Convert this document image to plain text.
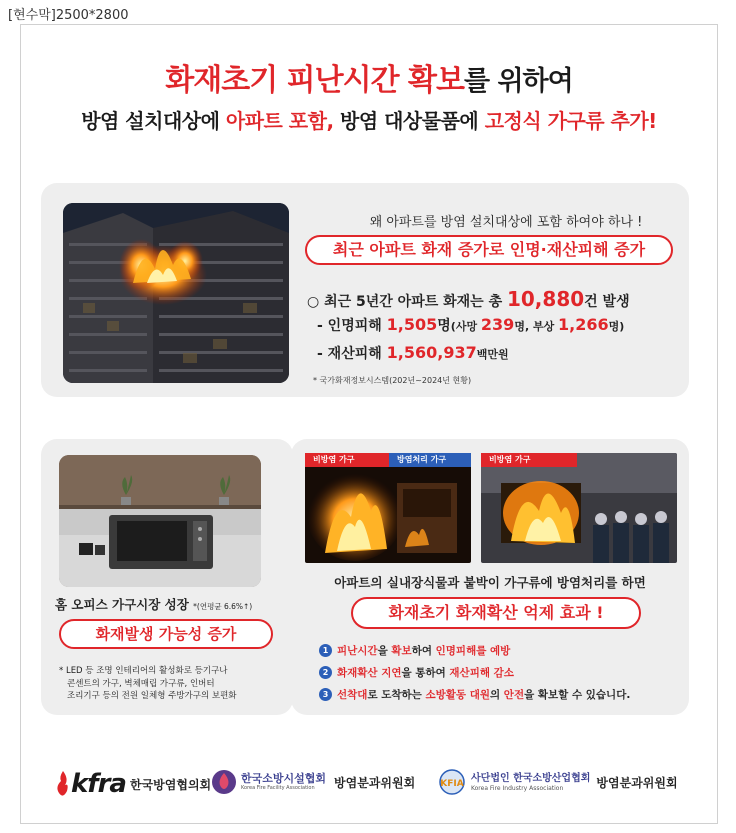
[현수막]2500*2800
화재초기 피난시간 확보를 위하여
방염 설치대상에 아파트 포함, 방염 대상물품에 고정식 가구류 추가!
왜 아파트를 방염 설치대상에 포함 하여야 하나 !
최근 아파트 화재 증가로 인명·재산피해 증가
○ 최근 5년간 아파트 화재는 총 10,880건 발생
- 인명피해 1,505명(사망 239명, 부상 1,266명)
- 재산피해 1,560,937백만원
* 국가화재정보시스템(202년~2024년 현황)
홈 오피스 가구시장 성장 *(연평균 6.6%↑)
화재발생 가능성 증가
* LED 등 조명 인테리어의 활성화로 등기구나
콘센트의 가구, 벽체매립 가구류, 인버터
조리기구 등의 전원 일체형 주방가구의 보편화
비방염 가구	방염처리 가구	비방염 가구
아파트의 실내장식물과 붙박이 가구류에 방염처리를 하면
화재초기 화재확산 억제 효과 !
1 피난시간을 확보하여 인명피해를 예방
2 화재확산 지연을 통하여 재산피해 감소
3 선착대로 도착하는 소방활동 대원의 안전을 확보할 수 있습니다.
kfra 한국방염협의회	한국소방시설협회
Korea Fire Facility Association	방염분과위원회	KFIA
사단법인 한국소방산업협회
Korea Fire Industry Association	방염분과위원회
